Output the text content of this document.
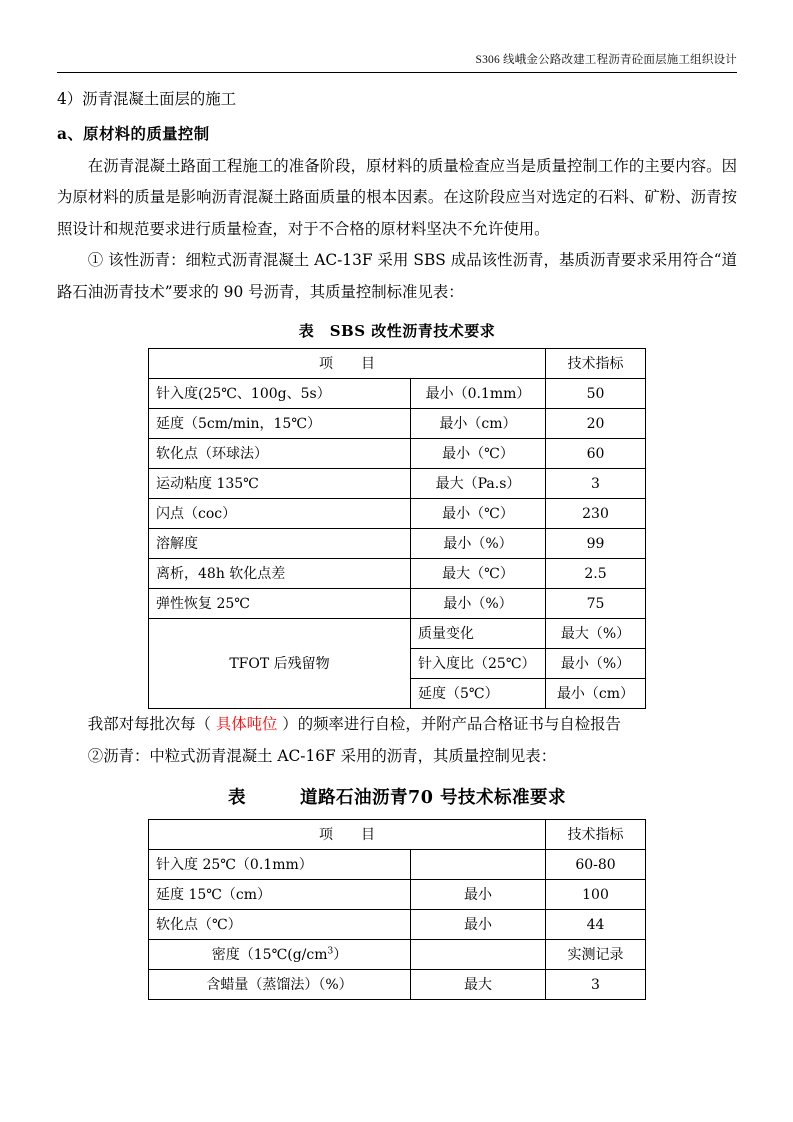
S306 线峨金公路改建工程沥青砼面层施工组织设计

4）沥青混凝土面层的施工

a、原材料的质量控制

在沥青混凝土路面工程施工的准备阶段，原材料的质量检查应当是质量控制工作的主要内容。因为原材料的质量是影响沥青混凝土路面质量的根本因素。在这阶段应当对选定的石料、矿粉、沥青按照设计和规范要求进行质量检查，对于不合格的原材料坚决不允许使用。

① 该性沥青：细粒式沥青混凝土 AC-13F 采用 SBS 成品该性沥青，基质沥青要求采用符合“道路石油沥青技术”要求的 90 号沥青，其质量控制标准见表：

表　SBS 改性沥青技术要求
项　　目		技术指标	
针入度(25℃、100g、5s）	最小（0.1mm）	50	
延度（5cm/min，15℃）	最小（cm）	20	
软化点（环球法）	最小（℃）	60	
运动粘度 135℃	最大（Pa.s）	3	
闪点（coc）	最小（℃）	230	
溶解度	最小（%）	99	
离析，48h 软化点差	最大（℃）	2.5	
弹性恢复 25℃	最小（%）	75	
TFOT 后残留物	质量变化	最大（%）	
	针入度比（25℃）	最小（%）	
	延度（5℃）	最小（cm）	

我部对每批次每（ 具体吨位 ）的频率进行自检，并附产品合格证书与自检报告

②沥青：中粒式沥青混凝土 AC-16F 采用的沥青，其质量控制见表：

表　　　道路石油沥青70 号技术标准要求
项　　目		技术指标
针入度 25℃（0.1mm）		60-80
延度 15℃（cm）	最小	100
软化点（℃）	最小	44
密度（$15℃(g/cm^3)$		实测记录
含蜡量（蒸馏法）（%）	最大	3
